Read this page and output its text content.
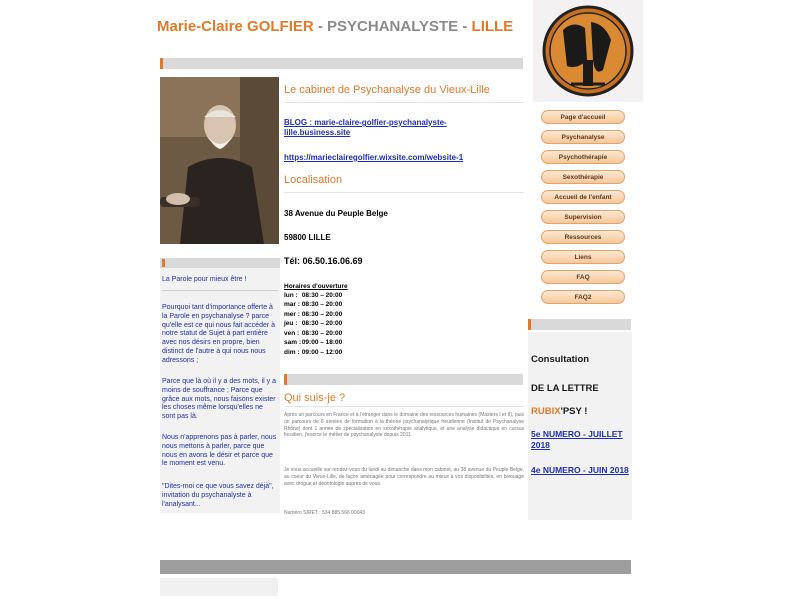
Marie-Claire GOLFIER - PSYCHANALYSTE - LILLE
La Parole pour mieux être !
Pourquoi tant d'importance offerte à la Parole en psychanalyse ? parce qu'elle est ce qui nous fait accéder à notre statut de Sujet à part entière avec nos désirs en propre, bien distinct de l'autre à qui nous nous adressons ;
Parce que là où il y a des mots, il y a moins de souffrance ; Parce que grâce aux mots, nous faisons exister les choses même lorsqu'elles ne sont pas là.
Nous n'apprenons pas à parler, nous nous mettons à parler, parce que nous en avons le désir et parce que le moment est venu.
"Dites-moi ce que vous savez déjà", invitation du psychanalyste à l'analysant...
Le cabinet de Psychanalyse du Vieux-Lille
BLOG : marie-claire-golfier-psychanalyste-lille.business.site
https://marieclairegolfier.wixsite.com/website-1
Localisation
38 Avenue du Peuple Belge
59800 LILLE
Tél: 06.50.16.06.69
Horaires d'ouverture
lun : 08:30 – 20:00
mar : 08:30 – 20:00
mer : 08:30 – 20:00
jeu : 08:30 – 20:00
ven : 08:30 – 20:00
sam : 09:00 – 18:00
dim : 09:00 – 12:00
Qui suis-je ?
Après un parcours en France et à l'étranger dans le domaine des ressources humaines (Masters I et II), puis un parcours de 6 années de formation à la théorie psychanalytique freudienne (Institut de Psychanalyse Rhône) dont 1 année de spécialisation en sexothérapie analytique, et une analyse didactique en cursus freudien, j'exerce le métier de psychanalyste depuis 2011.
Je vous accueille sur rendez-vous du lundi au dimanche dans mon cabinet, au 38 avenue du Peuple Belge, au coeur du Vieux-Lille, de façon aménagée pour correspondre au mieux à vos disponibilités, en bivouage avec drogue et déontologie auprès de vous.
Numéro SIRET : 534 885 566 00043
Page d'accueil
Psychanalyse
Psychothérapie
Sexothérapie
Accueil de l'enfant
Supervision
Ressources
Liens
FAQ
FAQ2
Consultation
DE LA LETTRE
RUBIX'PSY !
5e NUMERO - JUILLET 2018
4e NUMERO - JUIN 2018
